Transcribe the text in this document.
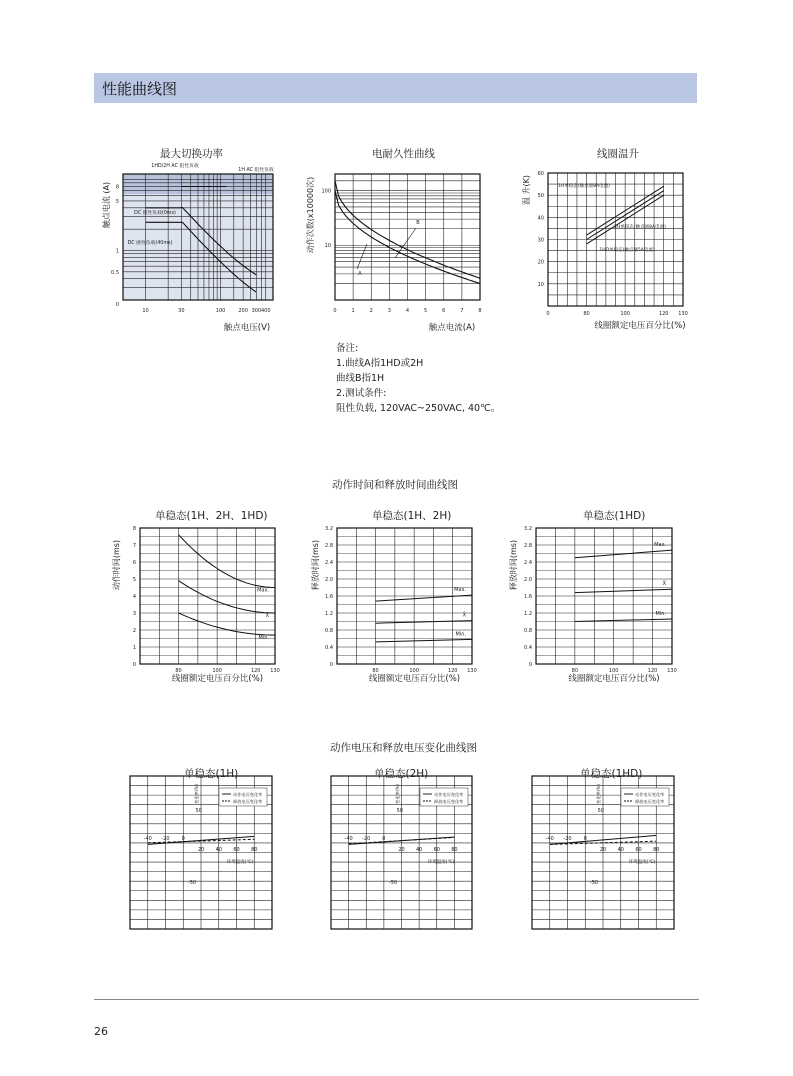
性能曲线图
最大切换功率	电耐久性曲线	线圈温升
8
5
1
0.5
0
10	30	100	200 300 400
触点电流 (A)
触点电压(V)
1HD/2H AC 阻性负载
1H AC 阻性负载
DC 阻性负载(0ms)
DC 感性负载(40ms)
100
10
0	1	2	3	4	5	6	7	8
动作次数(x10000次)
触点电流(A)
A
B
60
50
40
30
20
10
0	80	100	120 130
温 升(K)
线圈额定电压百分比(%)
1H单稳态(触点通8A电流)
2H单稳态(触点通8A电流)
1HD单稳态(触点通5A电流)
8
7
6
5
4
3
2
1
0
80	100	120 130
动作时间(ms)
线圈额定电压百分比(%)
Max.
X̄
Min.
3.2
2.8
2.4
2.0
1.6
1.2
0.8
0.4
0
80	100	120 130
释放时间(ms)
线圈额定电压百分比(%)
Max.
X̄
Min.
3.2
2.8
2.4
2.0
1.6
1.2
0.8
0.4
0
80	100	120 130
释放时间(ms)
线圈额定电压百分比(%)
Max.
X̄
Min.
动作电压变化率
释放电压变化率
变化率(%)
50
-50
-40 -20 0
20 40 60 80
环境温度(℃)
动作电压变化率
释放电压变化率
变化率(%)
50
-50
-40 -20 0
20 40 60 80
环境温度(℃)
动作电压变化率
释放电压变化率
变化率(%)
50
-50
-40 -20 0
20 40 60 80
环境温度(℃)
备注:
1.曲线A指1HD或2H
曲线B指1H
2.测试条件:
阻性负载, 120VAC~250VAC, 40℃。
动作时间和释放时间曲线图
单稳态(1H、2H、1HD)	单稳态(1H、2H)	单稳态(1HD)
动作电压和释放电压变化曲线图
单稳态(1H)	单稳态(2H)	单稳态(1HD)
26
